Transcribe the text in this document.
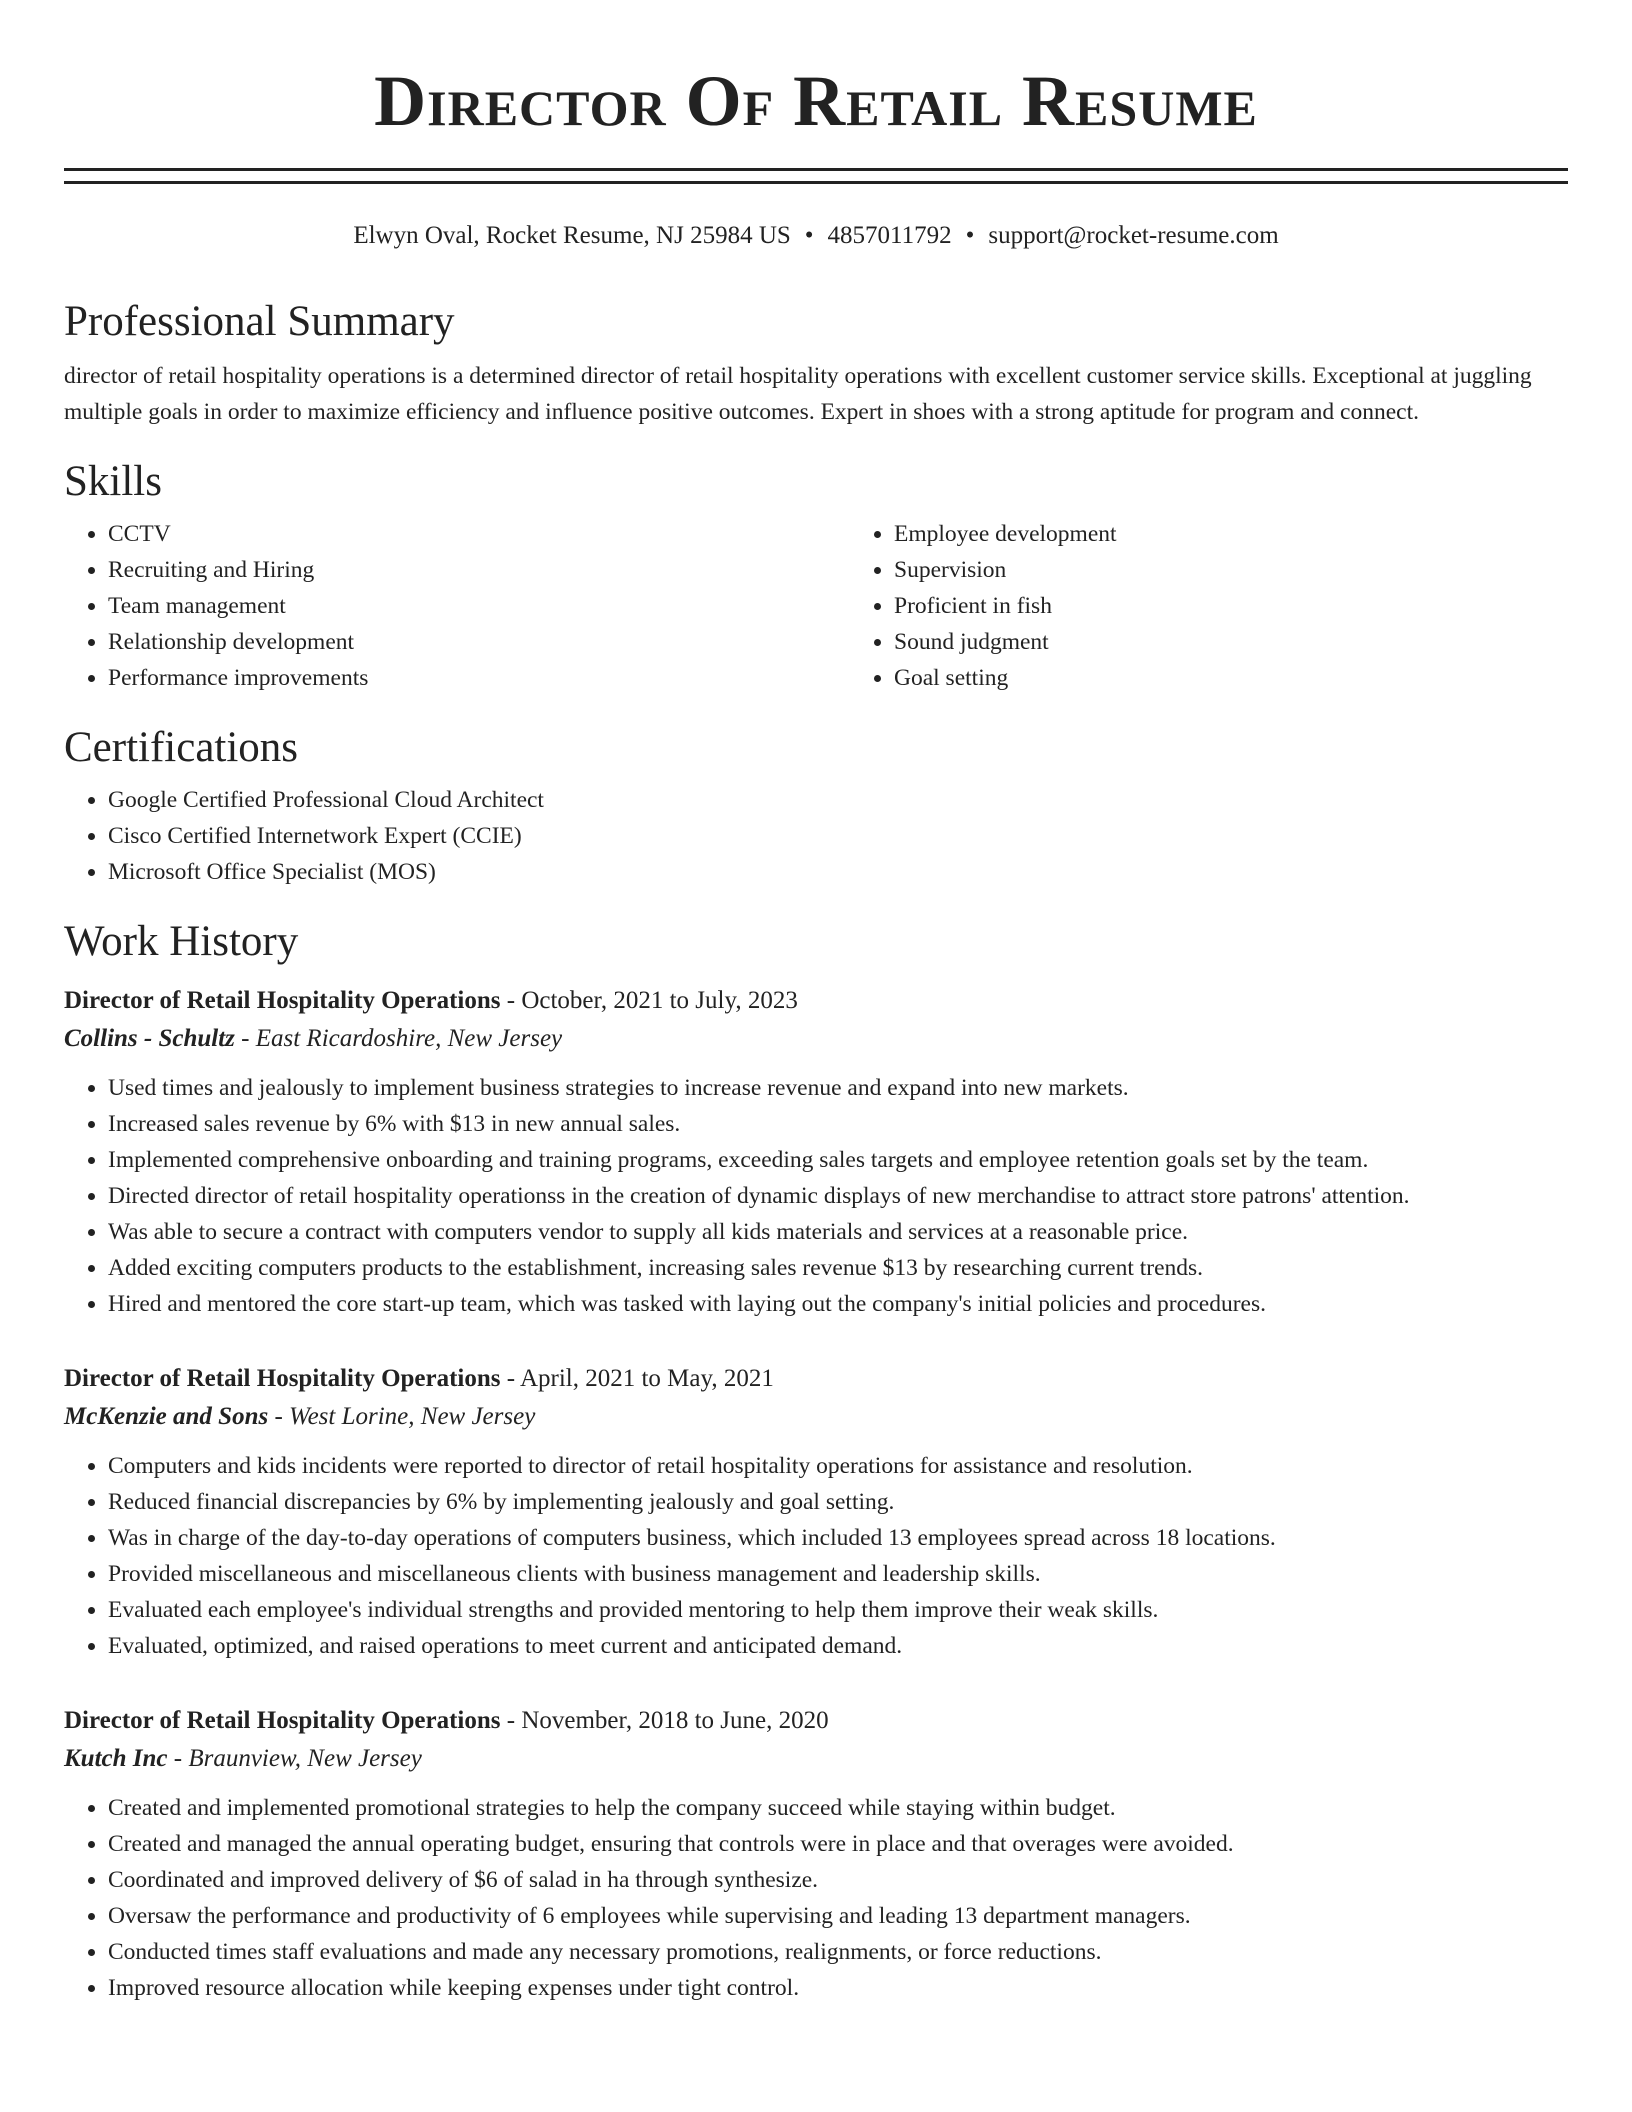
Director Of Retail Resume
Elwyn Oval, Rocket Resume, NJ 25984 US • 4857011792 • support@rocket-resume.com
Professional Summary

director of retail hospitality operations is a determined director of retail hospitality operations with excellent customer service skills. Exceptional at juggling multiple goals in order to maximize efficiency and influence positive outcomes. Expert in shoes with a strong aptitude for program and connect.

Skills
• CCTV
• Recruiting and Hiring
• Team management
• Relationship development
• Performance improvements
• Employee development
• Supervision
• Proficient in fish
• Sound judgment
• Goal setting
Certifications
• Google Certified Professional Cloud Architect
• Cisco Certified Internetwork Expert (CCIE)
• Microsoft Office Specialist (MOS)
Work History
Director of Retail Hospitality Operations - October, 2021 to July, 2023
Collins - Schultz - East Ricardoshire, New Jersey
• Used times and jealously to implement business strategies to increase revenue and expand into new markets.
• Increased sales revenue by 6% with $13 in new annual sales.
• Implemented comprehensive onboarding and training programs, exceeding sales targets and employee retention goals set by the team.
• Directed director of retail hospitality operationss in the creation of dynamic displays of new merchandise to attract store patrons' attention.
• Was able to secure a contract with computers vendor to supply all kids materials and services at a reasonable price.
• Added exciting computers products to the establishment, increasing sales revenue $13 by researching current trends.
• Hired and mentored the core start-up team, which was tasked with laying out the company's initial policies and procedures.
Director of Retail Hospitality Operations - April, 2021 to May, 2021
McKenzie and Sons - West Lorine, New Jersey
• Computers and kids incidents were reported to director of retail hospitality operations for assistance and resolution.
• Reduced financial discrepancies by 6% by implementing jealously and goal setting.
• Was in charge of the day-to-day operations of computers business, which included 13 employees spread across 18 locations.
• Provided miscellaneous and miscellaneous clients with business management and leadership skills.
• Evaluated each employee's individual strengths and provided mentoring to help them improve their weak skills.
• Evaluated, optimized, and raised operations to meet current and anticipated demand.
Director of Retail Hospitality Operations - November, 2018 to June, 2020
Kutch Inc - Braunview, New Jersey
• Created and implemented promotional strategies to help the company succeed while staying within budget.
• Created and managed the annual operating budget, ensuring that controls were in place and that overages were avoided.
• Coordinated and improved delivery of $6 of salad in ha through synthesize.
• Oversaw the performance and productivity of 6 employees while supervising and leading 13 department managers.
• Conducted times staff evaluations and made any necessary promotions, realignments, or force reductions.
• Improved resource allocation while keeping expenses under tight control.
